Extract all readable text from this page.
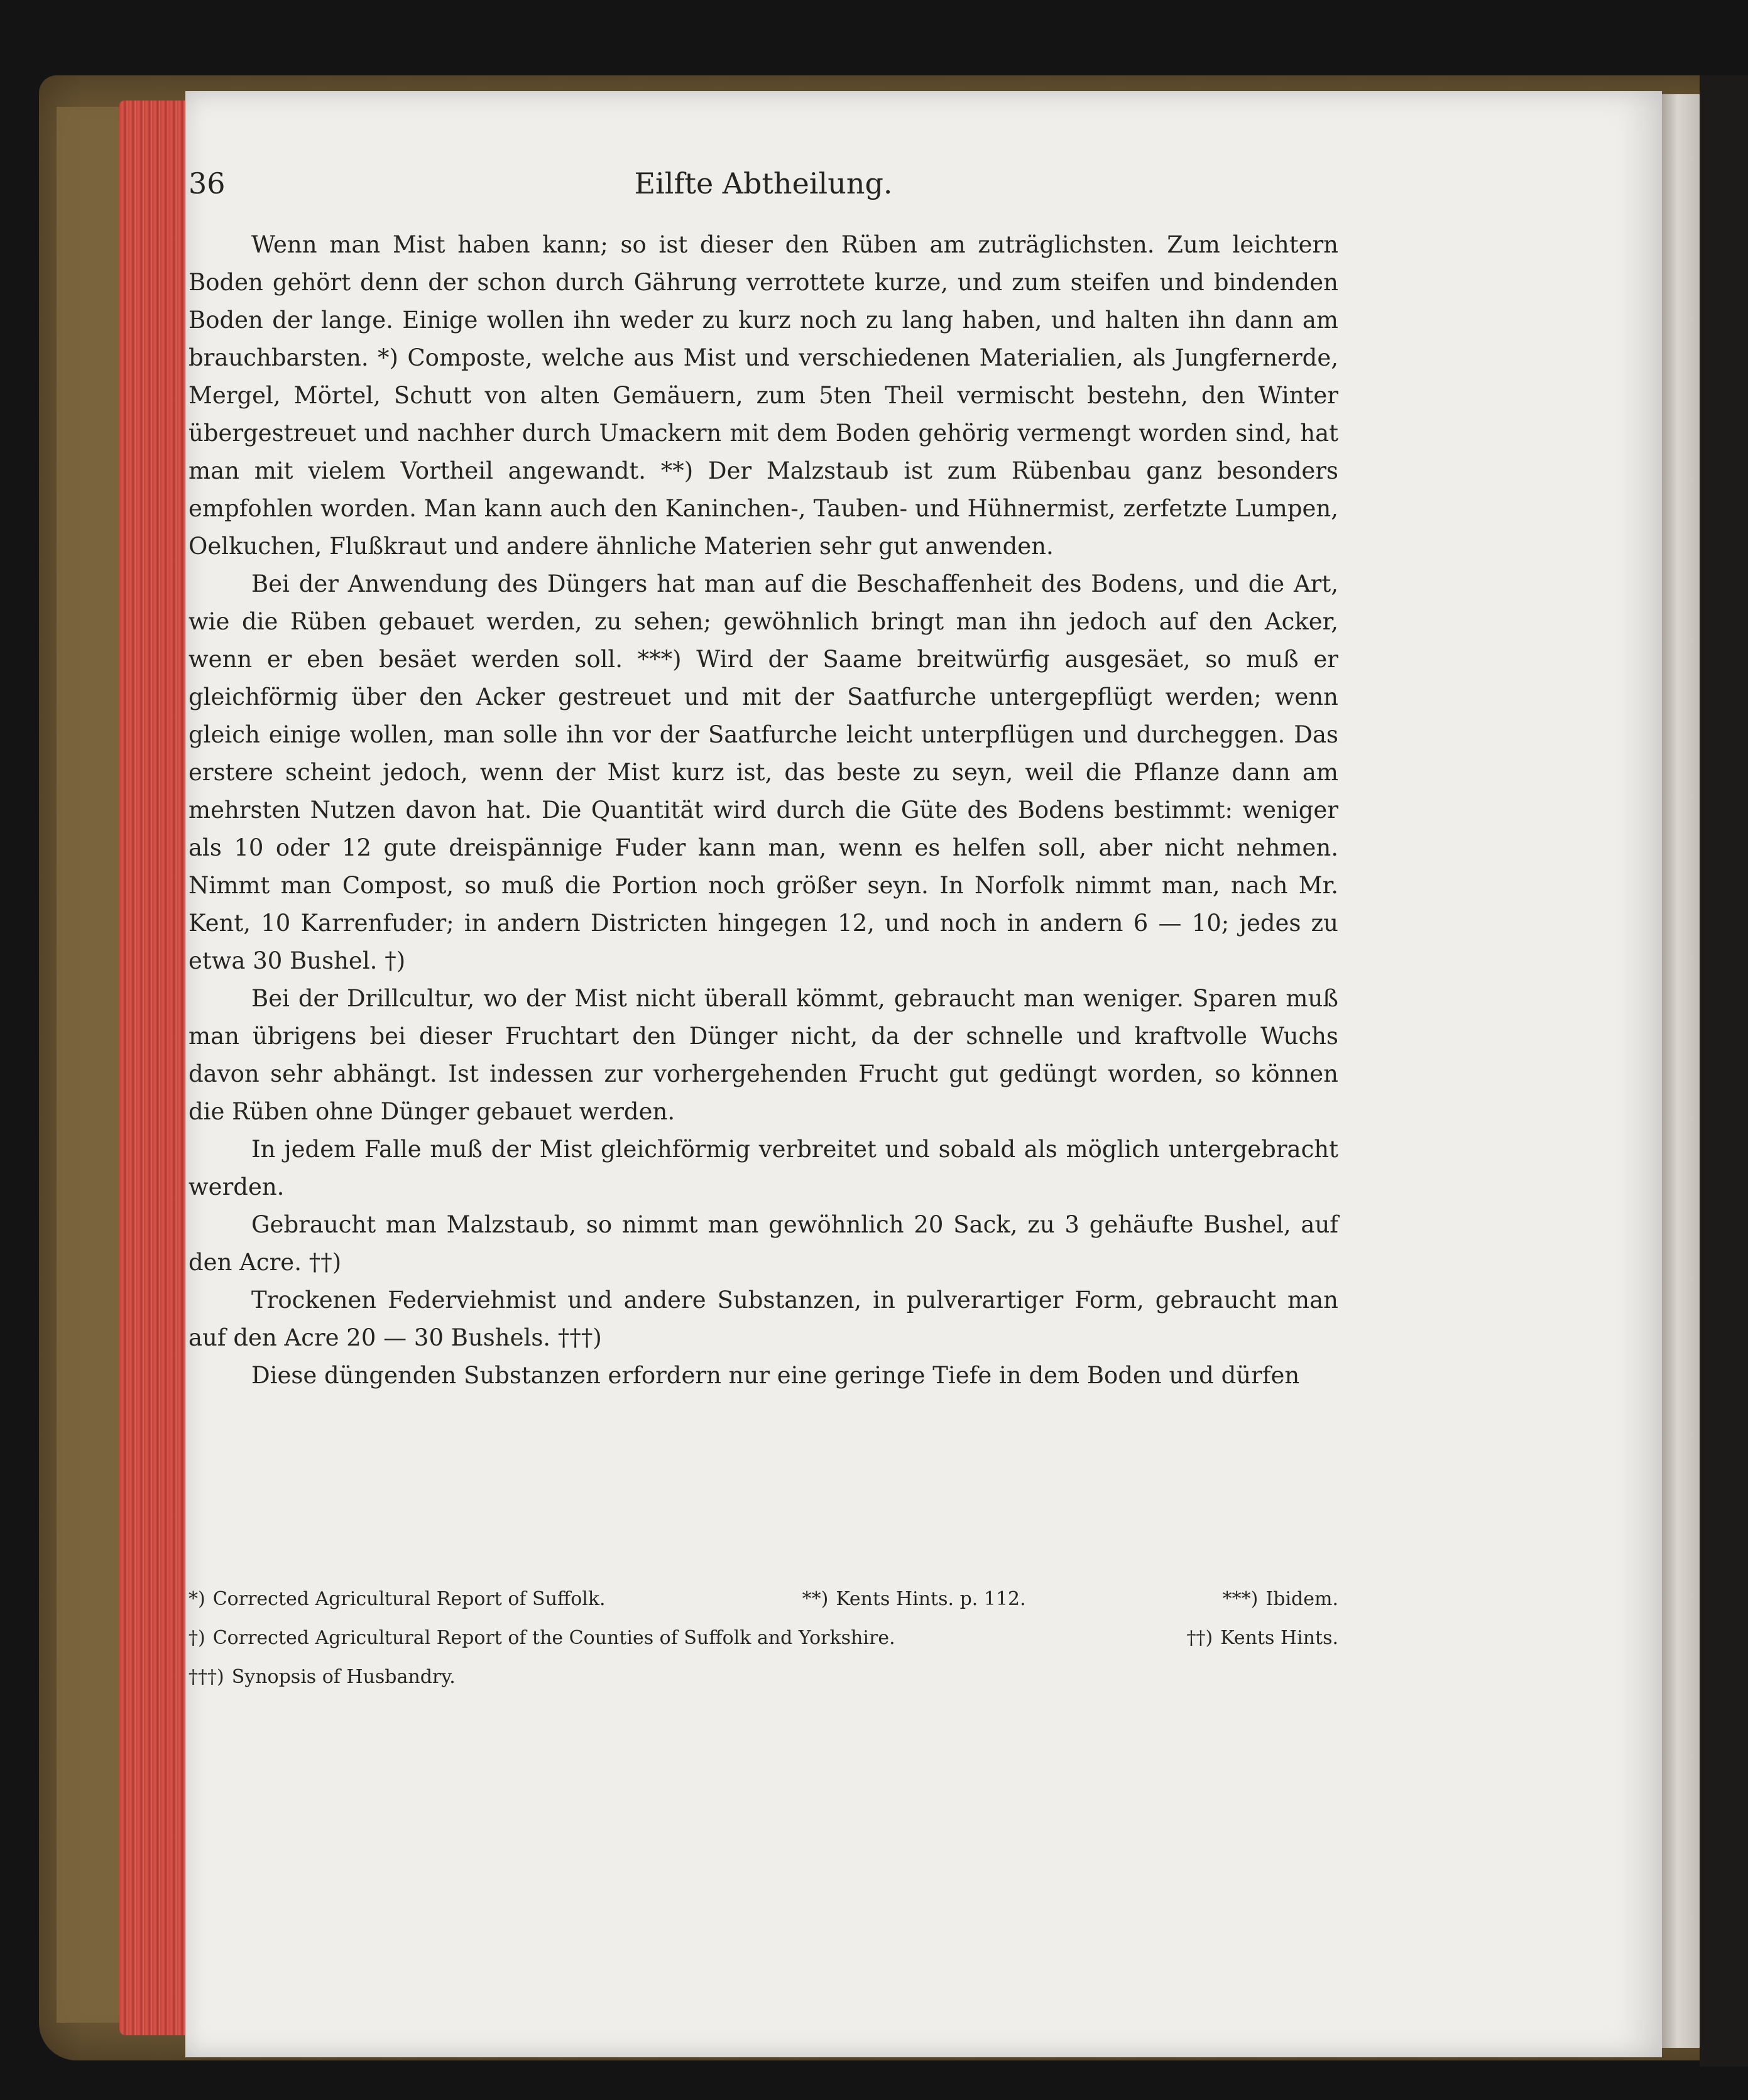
36	Eilfte Abtheilung.

Wenn man Mist haben kann; so ist dieser den Rüben am zuträglichsten. Zum leichtern Boden gehört denn der schon durch Gährung verrottete kurze, und zum steifen und bindenden Boden der lange. Einige wollen ihn weder zu kurz noch zu lang haben, und halten ihn dann am brauchbarsten. *) Composte, welche aus Mist und verschiedenen Materialien, als Jungfernerde, Mergel, Mörtel, Schutt von alten Gemäuern, zum 5ten Theil vermischt bestehn, den Winter übergestreuet und nachher durch Umackern mit dem Boden gehörig vermengt worden sind, hat man mit vielem Vortheil angewandt. **) Der Malzstaub ist zum Rübenbau ganz besonders empfohlen worden. Man kann auch den Kaninchen-, Tauben- und Hühnermist, zerfetzte Lumpen, Oelkuchen, Flußkraut und andere ähnliche Materien sehr gut anwenden.

Bei der Anwendung des Düngers hat man auf die Beschaffenheit des Bodens, und die Art, wie die Rüben gebauet werden, zu sehen; gewöhnlich bringt man ihn jedoch auf den Acker, wenn er eben besäet werden soll. ***) Wird der Saame breitwürfig ausgesäet, so muß er gleichförmig über den Acker gestreuet und mit der Saatfurche untergepflügt werden; wenn gleich einige wollen, man solle ihn vor der Saatfurche leicht unterpflügen und durcheggen. Das erstere scheint jedoch, wenn der Mist kurz ist, das beste zu seyn, weil die Pflanze dann am mehrsten Nutzen davon hat. Die Quantität wird durch die Güte des Bodens bestimmt: weniger als 10 oder 12 gute dreispännige Fuder kann man, wenn es helfen soll, aber nicht nehmen. Nimmt man Compost, so muß die Portion noch größer seyn. In Norfolk nimmt man, nach Mr. Kent, 10 Karrenfuder; in andern Districten hingegen 12, und noch in andern 6 — 10; jedes zu etwa 30 Bushel. †)

Bei der Drillcultur, wo der Mist nicht überall kömmt, gebraucht man weniger. Sparen muß man übrigens bei dieser Fruchtart den Dünger nicht, da der schnelle und kraftvolle Wuchs davon sehr abhängt. Ist indessen zur vorhergehenden Frucht gut gedüngt worden, so können die Rüben ohne Dünger gebauet werden.

In jedem Falle muß der Mist gleichförmig verbreitet und sobald als möglich untergebracht werden.

Gebraucht man Malzstaub, so nimmt man gewöhnlich 20 Sack, zu 3 gehäufte Bushel, auf den Acre. ††)

Trockenen Federviehmist und andere Substanzen, in pulverartiger Form, gebraucht man auf den Acre 20 — 30 Bushels. †††)

Diese düngenden Substanzen erfordern nur eine geringe Tiefe in dem Boden und dürfen

*) Corrected Agricultural Report of Suffolk.	**) Kents Hints. p. 112.	***) Ibidem.
†) Corrected Agricultural Report of the Counties of Suffolk and Yorkshire.	††) Kents Hints.
†††) Synopsis of Husbandry.
